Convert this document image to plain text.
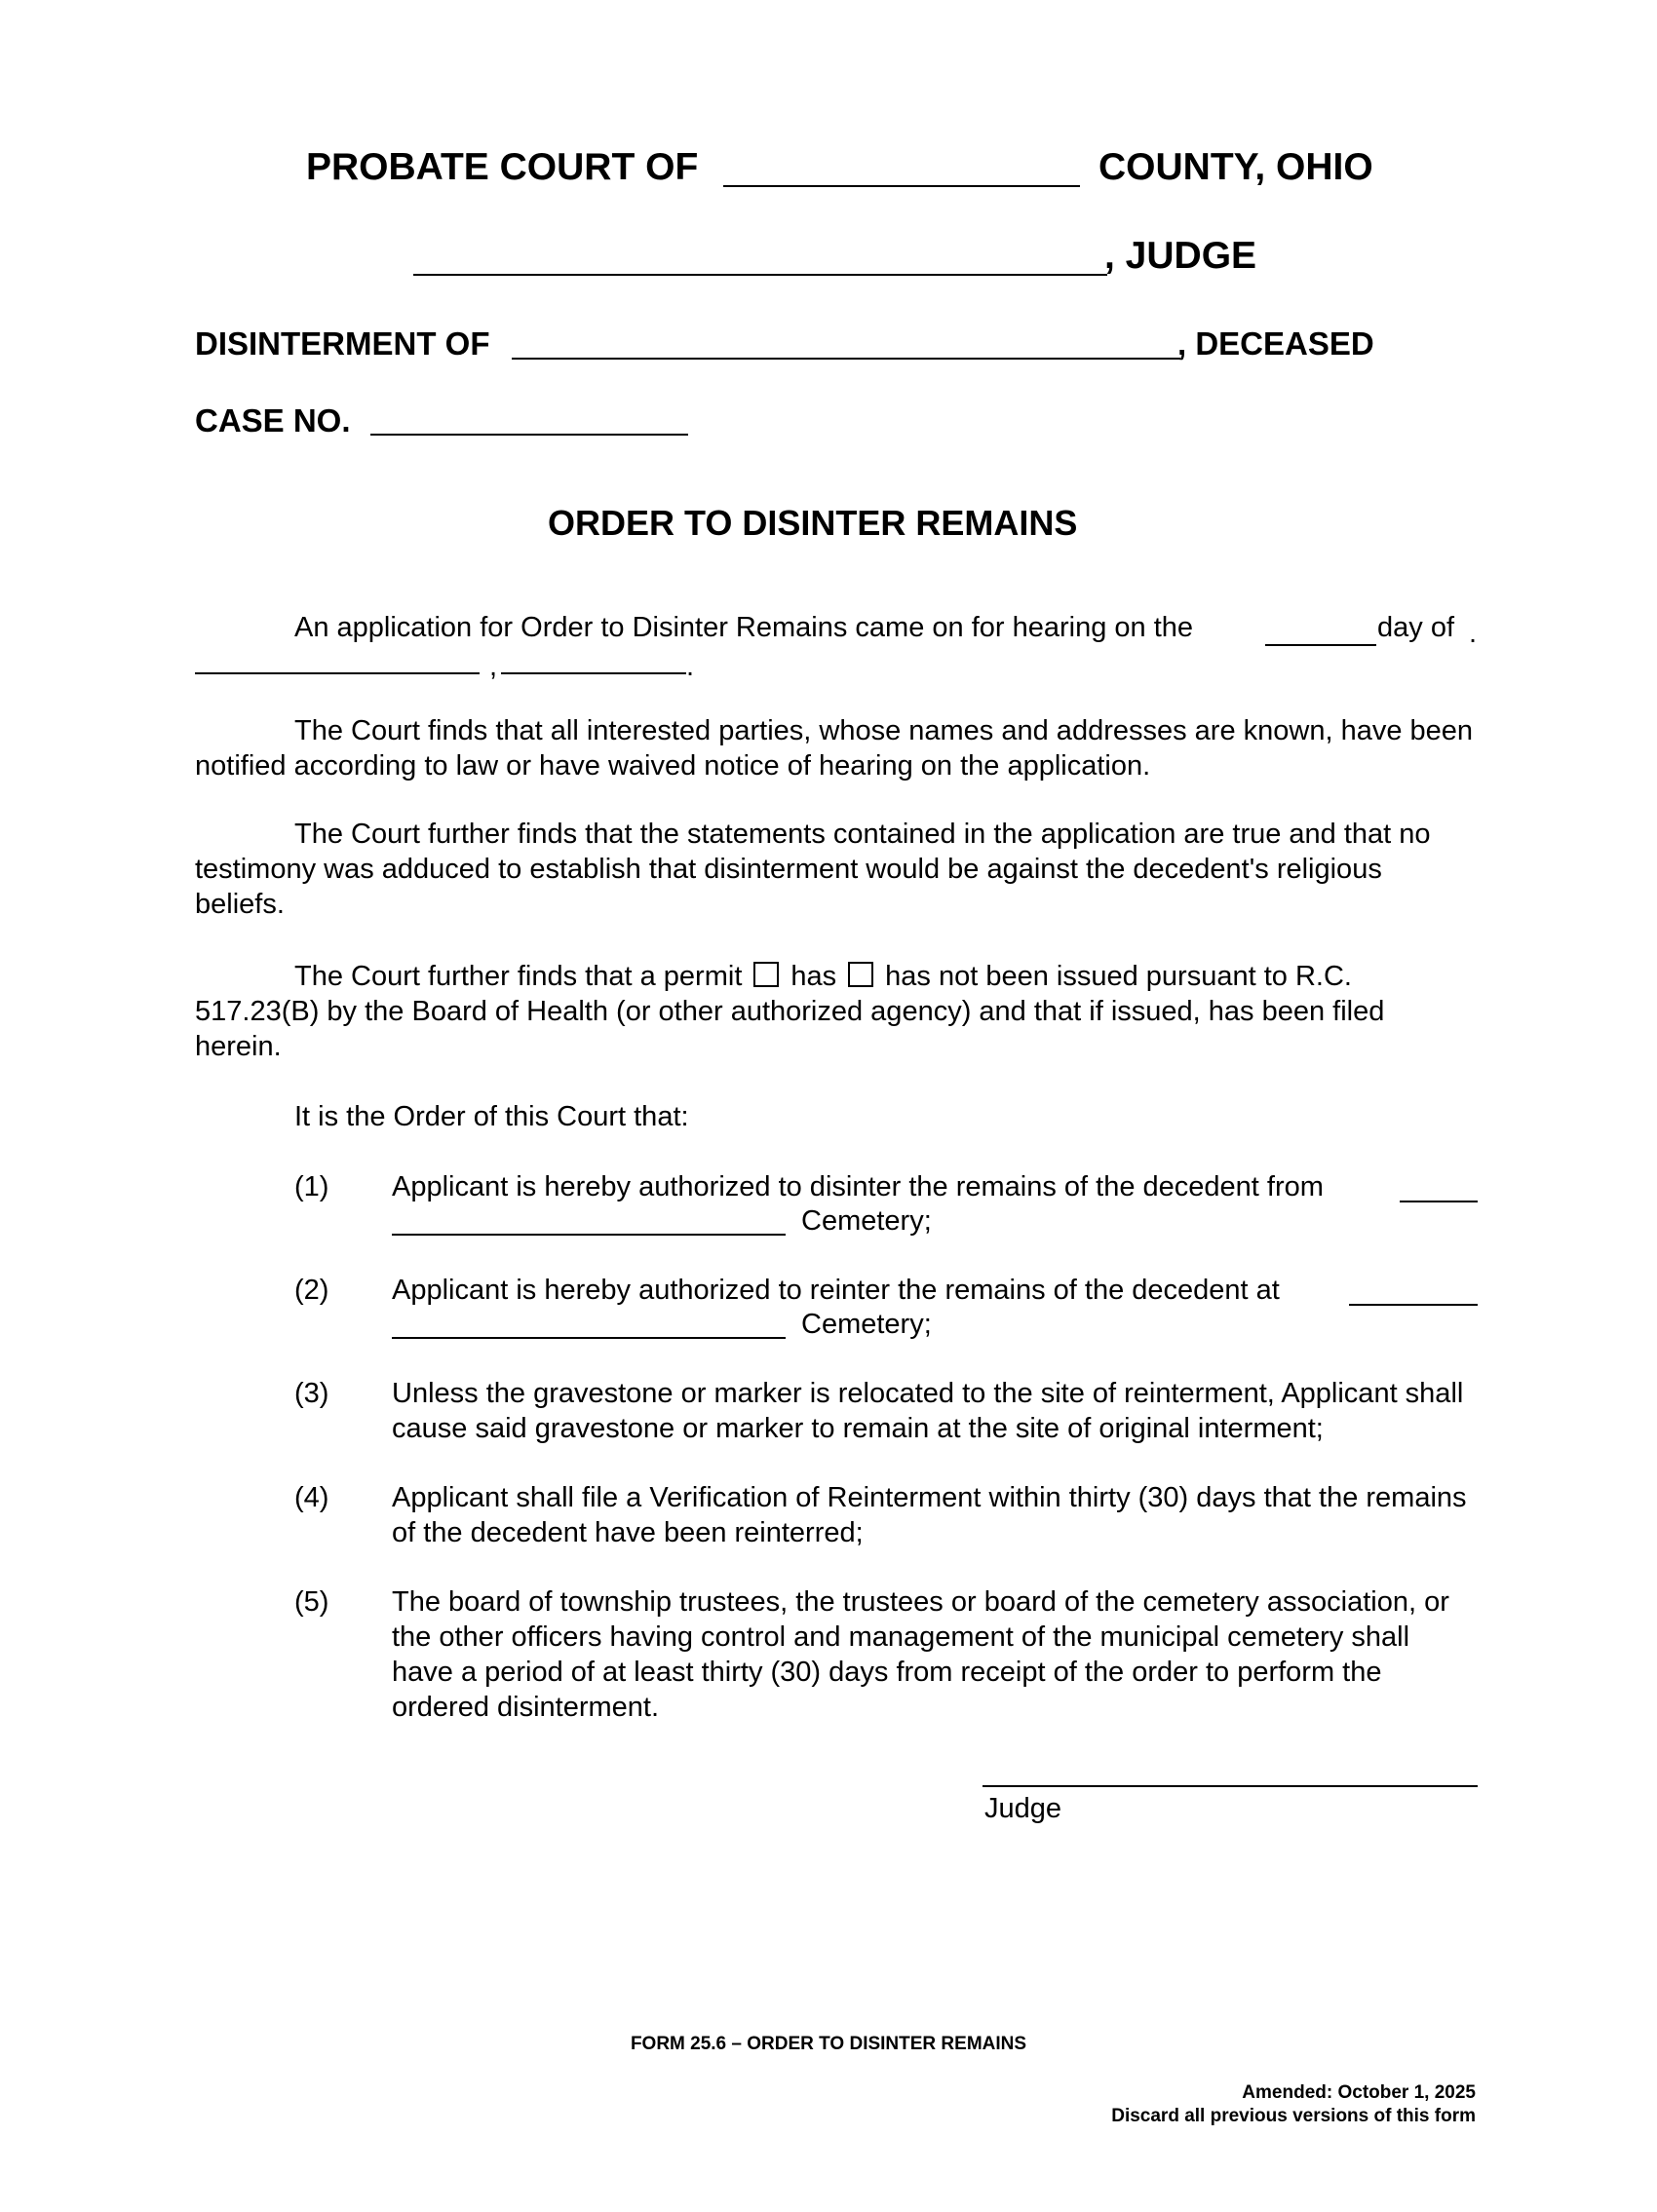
PROBATE COURT OF	COUNTY, OHIO
, JUDGE
DISINTERMENT OF	, DECEASED
CASE NO.
ORDER TO DISINTER REMAINS
An application for Order to Disinter Remains came on for hearing on the	day of .
,	.
The Court finds that all interested parties, whose names and addresses are known, have been notified according to law or have waived notice of hearing on the application.
The Court further finds that the statements contained in the application are true and that no testimony was adduced to establish that disinterment would be against the decedent's religious beliefs.
The Court further finds that a permit has has not been issued pursuant to R.C. 517.23(B) by the Board of Health (or other authorized agency) and that if issued, has been filed herein.
It is the Order of this Court that:
(1) Applicant is hereby authorized to disinter the remains of the decedent from
Cemetery;
(2) Applicant is hereby authorized to reinter the remains of the decedent at
Cemetery;
(3) Unless the gravestone or marker is relocated to the site of reinterment, Applicant shall cause said gravestone or marker to remain at the site of original interment;
(4) Applicant shall file a Verification of Reinterment within thirty (30) days that the remains of the decedent have been reinterred;
(5) The board of township trustees, the trustees or board of the cemetery association, or the other officers having control and management of the municipal cemetery shall have a period of at least thirty (30) days from receipt of the order to perform the ordered disinterment.
Judge
FORM 25.6 – ORDER TO DISINTER REMAINS
Amended: October 1, 2025
Discard all previous versions of this form
